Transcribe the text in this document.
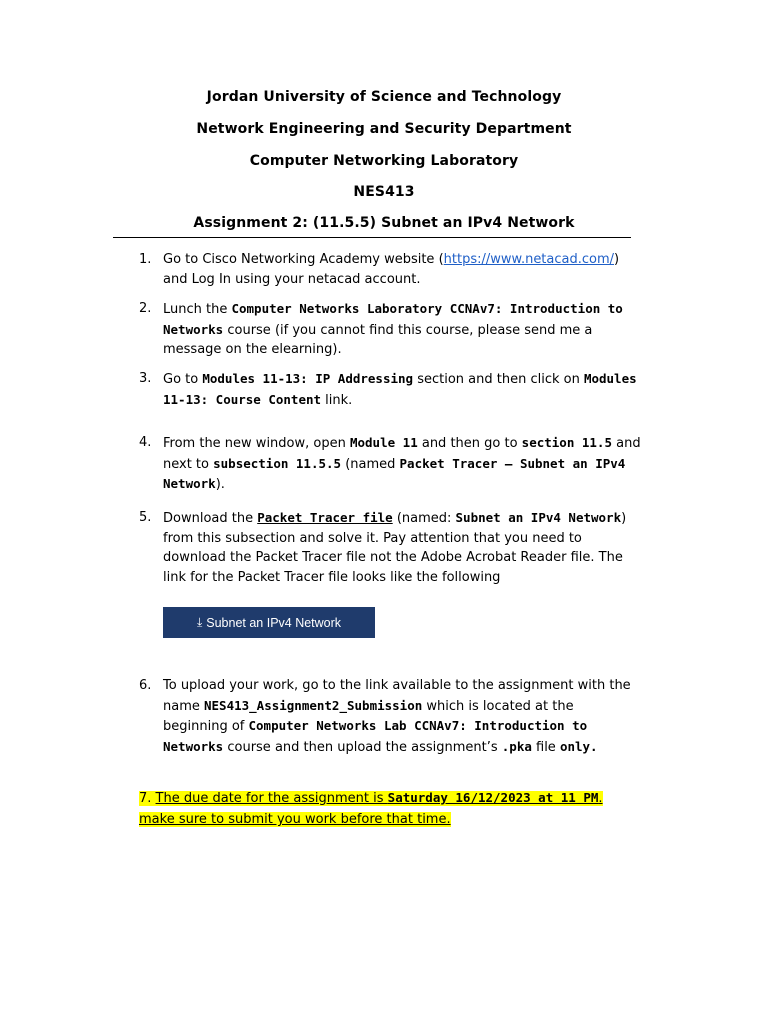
Jordan University of Science and Technology
Network Engineering and Security Department
Computer Networking Laboratory
NES413
Assignment 2: (11.5.5) Subnet an IPv4 Network
1. Go to Cisco Networking Academy website (https://www.netacad.com/)
and Log In using your netacad account.
2. Lunch the Computer Networks Laboratory CCNAv7: Introduction to
Networks course (if you cannot find this course, please send me a
message on the elearning).
3. Go to Modules 11-13: IP Addressing section and then click on Modules
11-13: Course Content link.
4. From the new window, open Module 11 and then go to section 11.5 and
next to subsection 11.5.5 (named Packet Tracer – Subnet an IPv4
Network).
5. Download the Packet Tracer file (named: Subnet an IPv4 Network)
from this subsection and solve it. Pay attention that you need to
download the Packet Tracer file not the Adobe Acrobat Reader file. The
link for the Packet Tracer file looks like the following
⤓ Subnet an IPv4 Network
6. To upload your work, go to the link available to the assignment with the
name NES413_Assignment2_Submission which is located at the
beginning of Computer Networks Lab CCNAv7: Introduction to
Networks course and then upload the assignment’s .pka file only.
7. The due date for the assignment is Saturday 16/12/2023 at 11 PM.
make sure to submit you work before that time.
